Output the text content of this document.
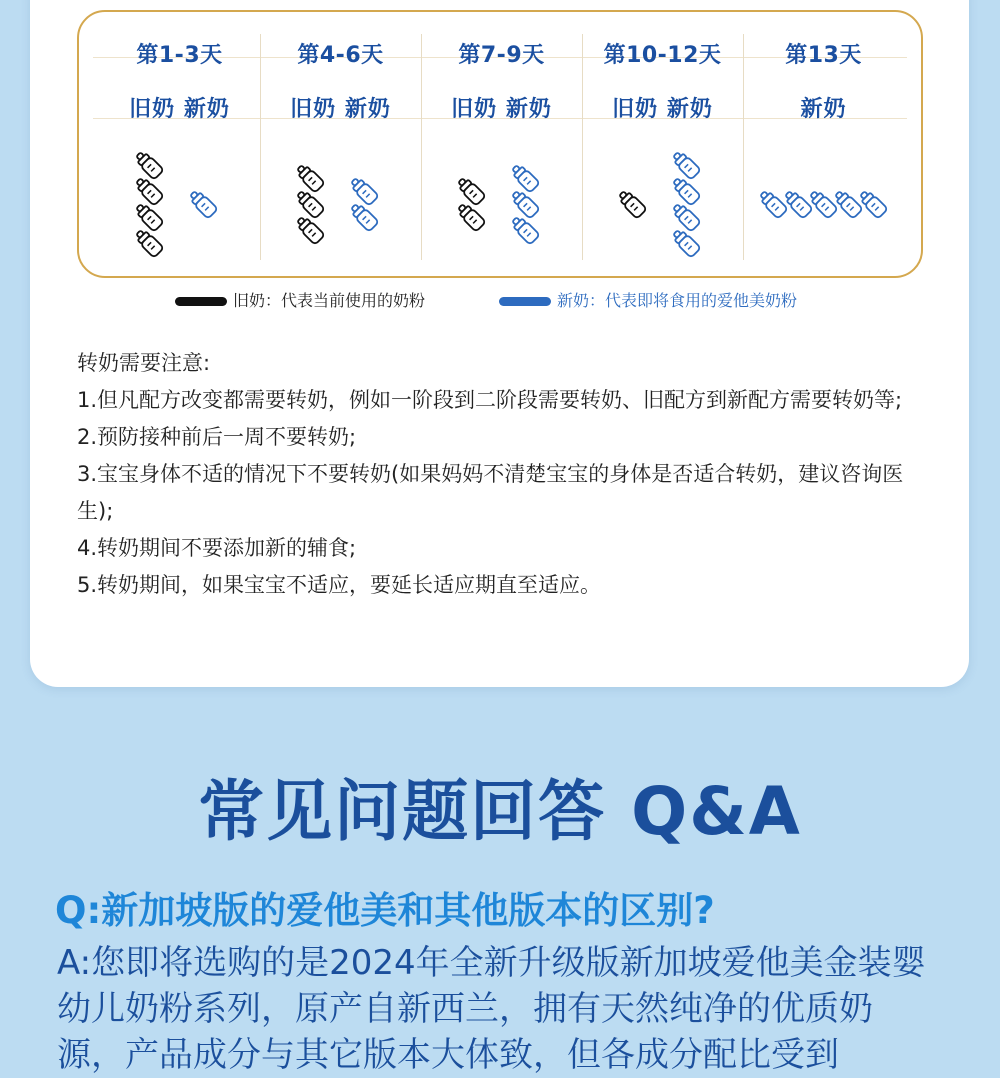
第1-3天
旧奶 新奶
第4-6天
旧奶 新奶
第7-9天
旧奶 新奶
第10-12天
旧奶 新奶
第13天
新奶
旧奶：代表当前使用的奶粉	新奶：代表即将食用的爱他美奶粉

转奶需要注意:

1.但凡配方改变都需要转奶，例如一阶段到二阶段需要转奶、旧配方到新配方需要转奶等;

2.预防接种前后一周不要转奶;

3.宝宝身体不适的情况下不要转奶(如果妈妈不清楚宝宝的身体是否适合转奶，建议咨询医生);

4.转奶期间不要添加新的辅食;

5.转奶期间，如果宝宝不适应，要延长适应期直至适应。

常见问题回答 Q&A
Q:新加坡版的爱他美和其他版本的区别?
A:您即将选购的是2024年全新升级版新加坡爱他美金装婴幼儿奶粉系列，原产自新西兰，拥有天然纯净的优质奶源，产品成分与其它版本大体致，但各成分配比受到
